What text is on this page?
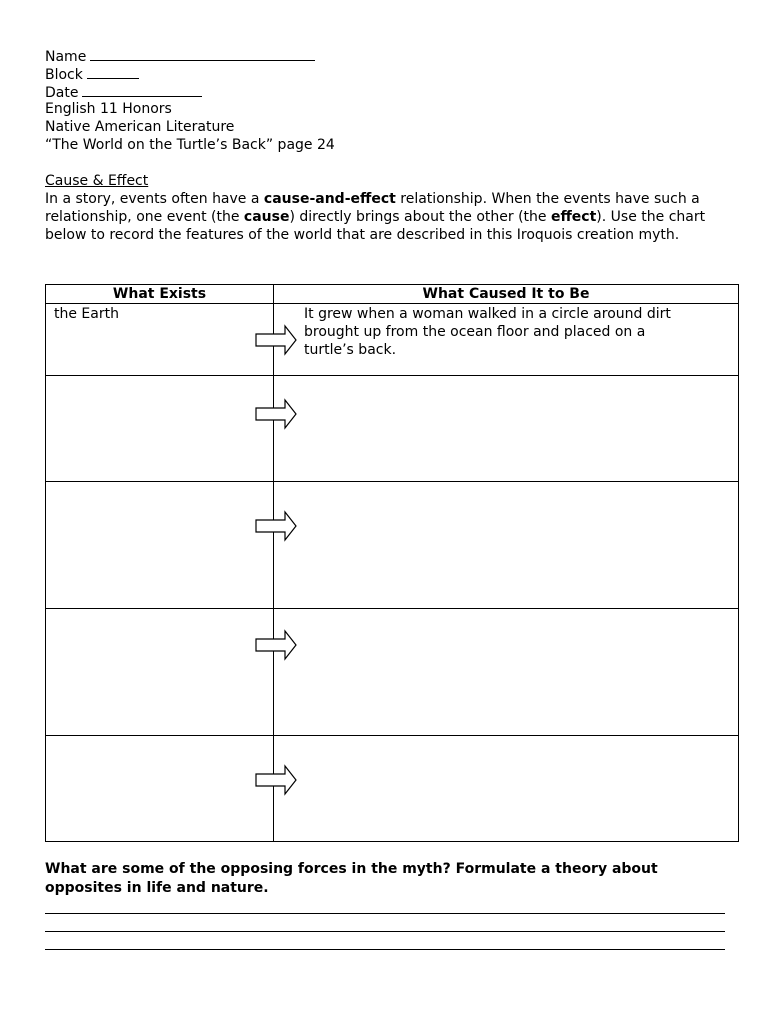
Name
Block
Date
English 11 Honors
Native American Literature
“The World on the Turtle’s Back” page 24
Cause & Effect
In a story, events often have a cause-and-effect relationship. When the events have such a relationship, one event (the cause) directly brings about the other (the effect). Use the chart below to record the features of the world that are described in this Iroquois creation myth.
What Exists	What Caused It to Be

the Earth	It grew when a woman walked in a circle around dirt brought up from the ocean floor and placed on a turtle’s back.

What are some of the opposing forces in the myth? Formulate a theory about opposites in life and nature.
